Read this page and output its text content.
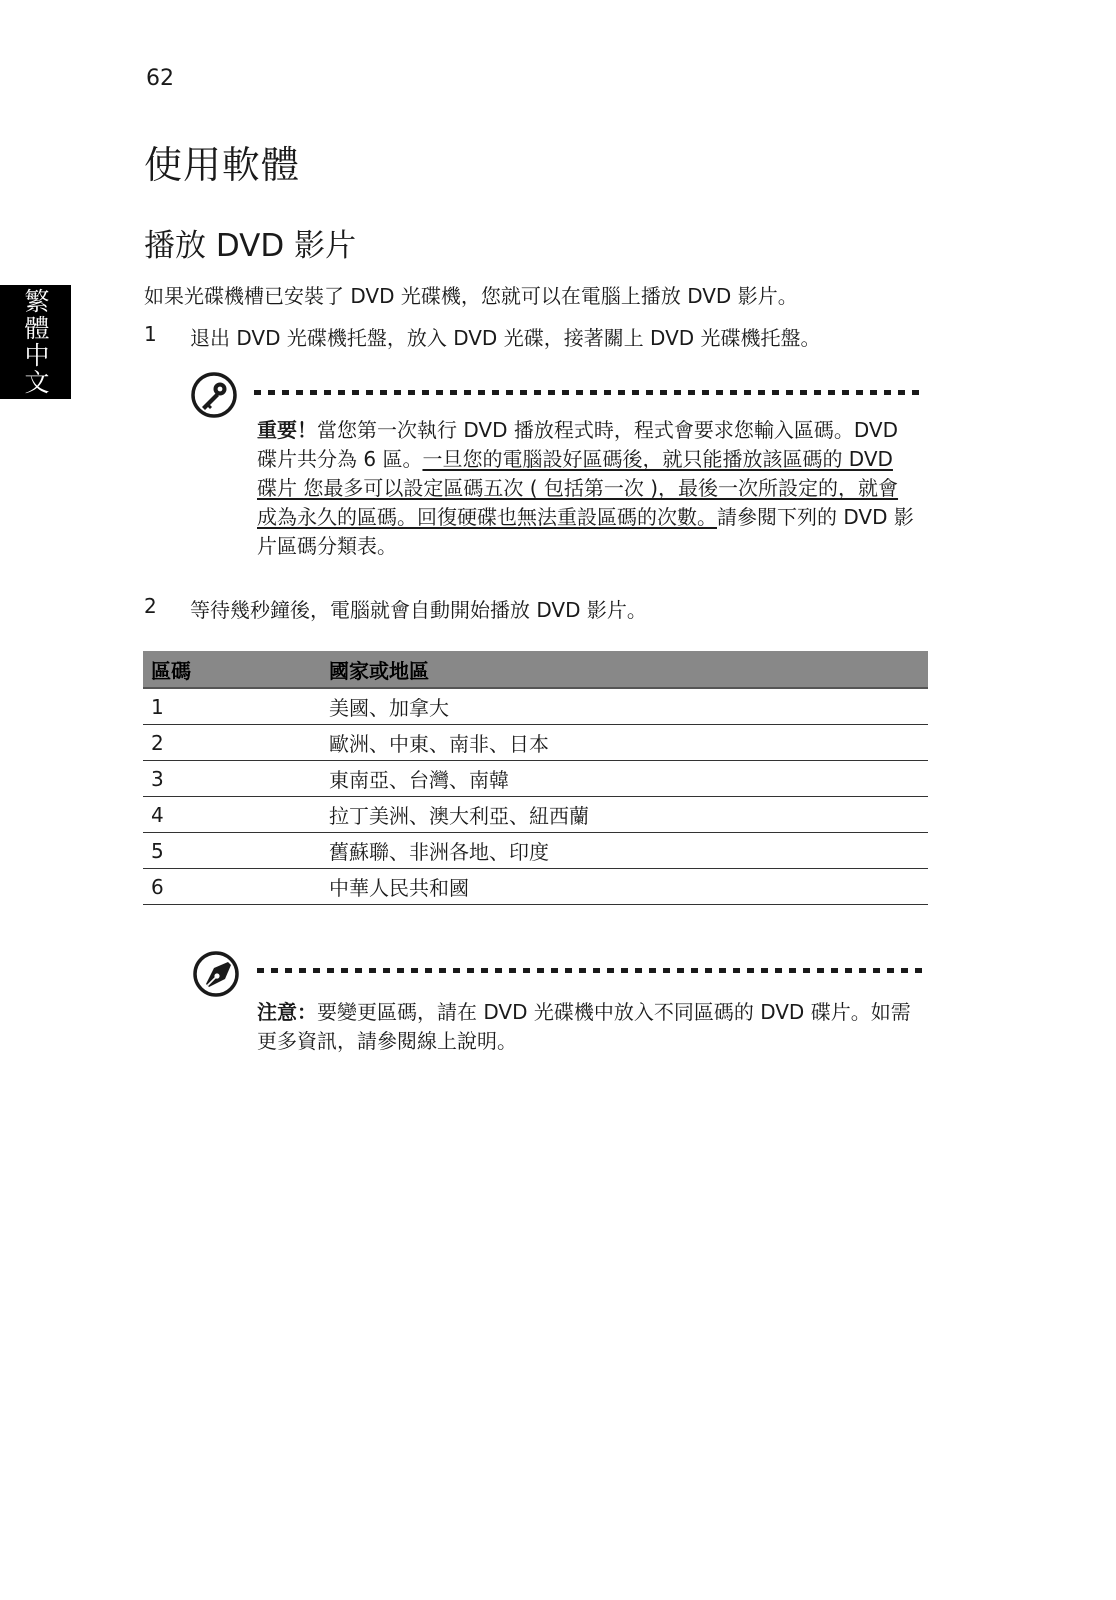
62
繁體中文
使用軟體
播放 DVD 影片
如果光碟機槽已安裝了 DVD 光碟機，您就可以在電腦上播放 DVD 影片。
1	退出 DVD 光碟機托盤，放入 DVD 光碟，接著關上 DVD 光碟機托盤。
重要！當您第一次執行 DVD 播放程式時，程式會要求您輸入區碼。DVD 碟片共分為 6 區。一旦您的電腦設好區碼後，就只能播放該區碼的 DVD 碟片 您最多可以設定區碼五次 ( 包括第一次 )，最後一次所設定的，就會成為永久的區碼。回復硬碟也無法重設區碼的次數。請參閱下列的 DVD 影片區碼分類表。
2	等待幾秒鐘後，電腦就會自動開始播放 DVD 影片。
區碼	國家或地區
1	美國、加拿大
2	歐洲、中東、南非、日本
3	東南亞、台灣、南韓
4	拉丁美洲、澳大利亞、紐西蘭
5	舊蘇聯、非洲各地、印度
6	中華人民共和國
注意：要變更區碼，請在 DVD 光碟機中放入不同區碼的 DVD 碟片。如需更多資訊，請參閱線上說明。
